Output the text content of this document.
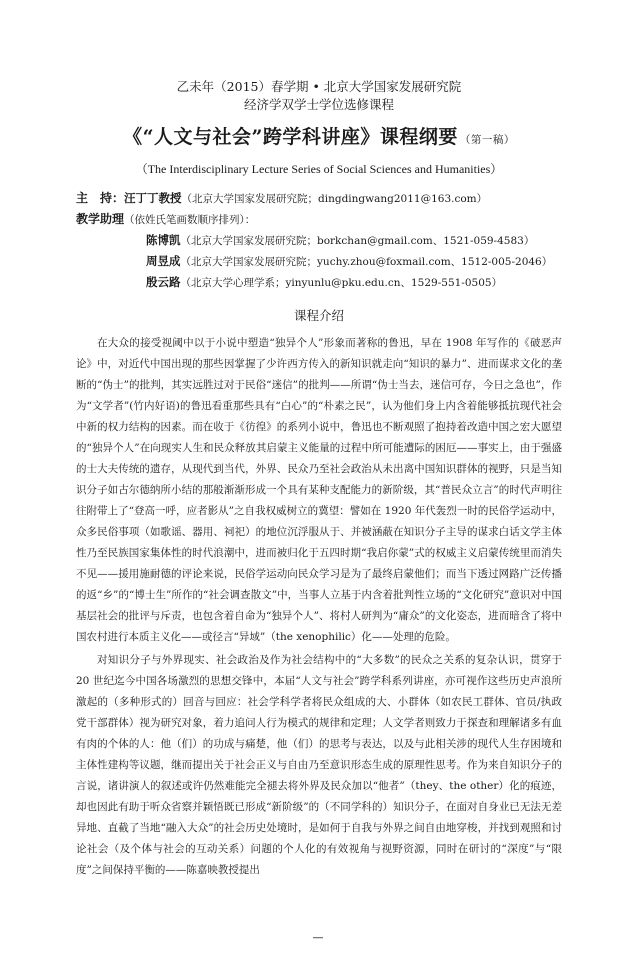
乙未年（2015）春学期 • 北京大学国家发展研究院
经济学双学士学位选修课程
《“人文与社会”跨学科讲座》课程纲要 （第一稿）
（The Interdisciplinary Lecture Series of Social Sciences and Humanities）
主　持：汪丁丁教授（北京大学国家发展研究院；dingdingwang2011@163.com）
教学助理（依姓氏笔画数顺序排列）：
陈博凯（北京大学国家发展研究院；borkchan@gmail.com、1521-059-4583）
周昱成（北京大学国家发展研究院；yuchy.zhou@foxmail.com、1512-005-2046）
殷云路（北京大学心理学系；yinyunlu@pku.edu.cn、1529-551-0505）
课程介绍

在大众的接受视阈中以于小说中塑造“独异个人”形象而著称的鲁迅，早在 1908 年写作的《破恶声论》中，对近代中国出现的那些因掌握了少许西方传入的新知识就走向“知识的暴力”、进而谋求文化的垄断的“伪士”的批判，其实远胜过对于民俗“迷信”的批判——所谓“伪士当去，迷信可存，今日之急也”，作为“文学者”(竹内好语)的鲁迅看重那些具有“白心”的“朴素之民”，认为他们身上内含着能够抵抗现代社会中新的权力结构的因素。而在收于《彷徨》的系列小说中，鲁迅也不断观照了抱持着改造中国之宏大愿望的“独异个人”在向现实人生和民众释放其启蒙主义能量的过程中所可能遭际的困厄——事实上，由于强盛的士大夫传统的遗存，从现代到当代，外界、民众乃至社会政治从未出离中国知识群体的视野，只是当知识分子如古尔德纳所小结的那般渐渐形成一个具有某种支配能力的新阶级，其“普民众立言”的时代声明往往附带上了“登高一呼，应者影从”之自我权威树立的冀望：譬如在 1920 年代轰烈一时的民俗学运动中，众多民俗事项（如歌谣、器用、祠祀）的地位沉浮服从于、并被涵蔽在知识分子主导的谋求白话文学主体性乃至民族国家集体性的时代浪潮中，进而被归化于五四时期“我启你蒙”式的权威主义启蒙传统里而消失不见——援用施耐德的评论来说，民俗学运动向民众学习是为了最终启蒙他们；而当下透过网路广泛传播的返“乡”的“博士生”所作的“社会调查散文”中，当事人立基于内含着批判性立场的“文化研究”意识对中国基层社会的批评与斥责，也包含着自命为“独异个人”、将村人研判为“庸众”的文化姿态，进而暗含了将中国农村进行本质主义化——或径言“异域”（the xenophilic）化——处理的危险。

对知识分子与外界现实、社会政治及作为社会结构中的“大多数”的民众之关系的复杂认识，贯穿于 20 世纪迄今中国各场激烈的思想交锋中，本届“人文与社会”跨学科系列讲座，亦可视作这些历史声浪所激起的（多种形式的）回音与回应：社会学科学者将民众组成的大、小群体（如农民工群体、官员/执政党干部群体）视为研究对象，着力追问人行为模式的规律和定理；人文学者则致力于探查和理解诸多有血有肉的个体的人：他（们）的功成与痛楚，他（们）的思考与表达，以及与此相关涉的现代人生存困境和主体性建构等议题，继而提出关于社会正义与自由乃至意识形态生成的原理性思考。作为来自知识分子的言说，诸讲演人的叙述或许仍然难能完全褪去将外界及民众加以“他者”（they、the other）化的痕迹，却也因此有助于听众省察并颖悟既已形成“新阶级”的（不同学科的）知识分子，在面对自身业已无法无差异地、直截了当地“融入大众”的社会历史处境时，是如何于自我与外界之间自由地穿梭，并找到观照和讨论社会（及个体与社会的互动关系）问题的个人化的有效视角与视野资源，同时在研讨的“深度”与“限度”之间保持平衡的——陈嘉映教授提出

—
